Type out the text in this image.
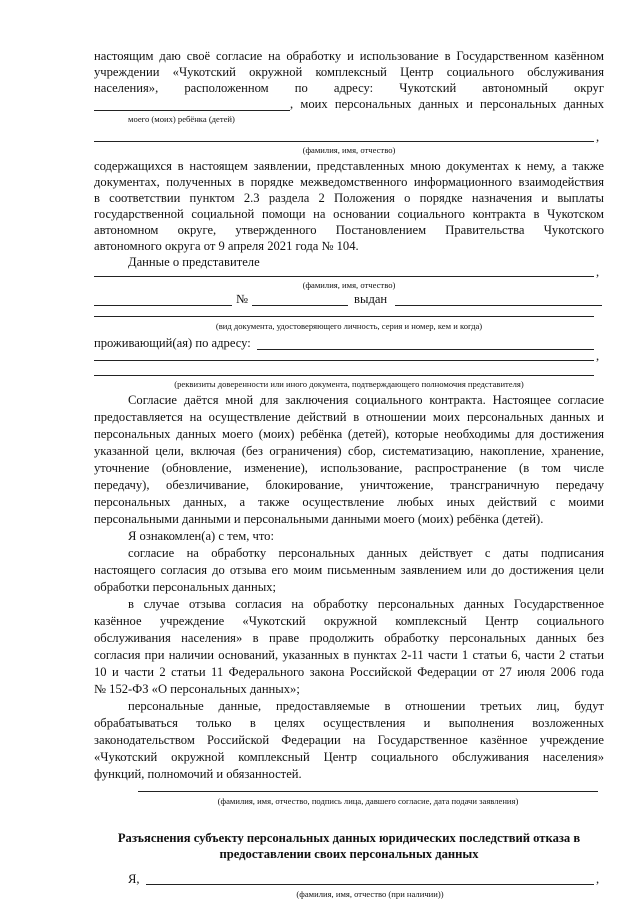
настоящим даю своё согласие на обработку и использование в Государственном казённом
учреждении «Чукотский окружной комплексный Центр социального обслуживания
населения», расположенном по адресу: Чукотский автономный округ
, моих персональных данных и персональных данных
моего (моих) ребёнка (детей)
,
(фамилия, имя, отчество)
содержащихся в настоящем заявлении, представленных мною документах к нему, а также
документах, полученных в порядке межведомственного информационного взаимодействия
в соответствии пунктом 2.3 раздела 2 Положения о порядке назначения и выплаты
государственной социальной помощи на основании социального контракта в Чукотском
автономном округе, утвержденного Постановлением Правительства Чукотского
автономного округа от 9 апреля 2021 года № 104.
Данные о представителе
,
(фамилия, имя, отчество)
№	выдан
(вид документа, удостоверяющего личность, серия и номер, кем и когда)
проживающий(ая) по адресу:
,
(реквизиты доверенности или иного документа, подтверждающего полномочия представителя)
Согласие даётся мной для заключения социального контракта. Настоящее согласие
предоставляется на осуществление действий в отношении моих персональных данных и
персональных данных моего (моих) ребёнка (детей), которые необходимы для достижения
указанной цели, включая (без ограничения) сбор, систематизацию, накопление, хранение,
уточнение (обновление, изменение), использование, распространение (в том числе
передачу), обезличивание, блокирование, уничтожение, трансграничную передачу
персональных данных, а также осуществление любых иных действий с моими
персональными данными и персональными данными моего (моих) ребёнка (детей).
Я ознакомлен(а) с тем, что:
согласие на обработку персональных данных действует с даты подписания
настоящего согласия до отзыва его моим письменным заявлением или до достижения цели
обработки персональных данных;
в случае отзыва согласия на обработку персональных данных Государственное
казённое учреждение «Чукотский окружной комплексный Центр социального
обслуживания населения» в праве продолжить обработку персональных данных без
согласия при наличии оснований, указанных в пунктах 2-11 части 1 статьи 6, части 2 статьи
10 и части 2 статьи 11 Федерального закона Российской Федерации от 27 июля 2006 года
№ 152-ФЗ «О персональных данных»;
персональные данные, предоставляемые в отношении третьих лиц, будут
обрабатываться только в целях осуществления и выполнения возложенных
законодательством Российской Федерации на Государственное казённое учреждение
«Чукотский окружной комплексный Центр социального обслуживания населения»
функций, полномочий и обязанностей.
(фамилия, имя, отчество, подпись лица, давшего согласие, дата подачи заявления)
Разъяснения субъекту персональных данных юридических последствий отказа в
предоставлении своих персональных данных
Я,	,
(фамилия, имя, отчество (при наличии))
